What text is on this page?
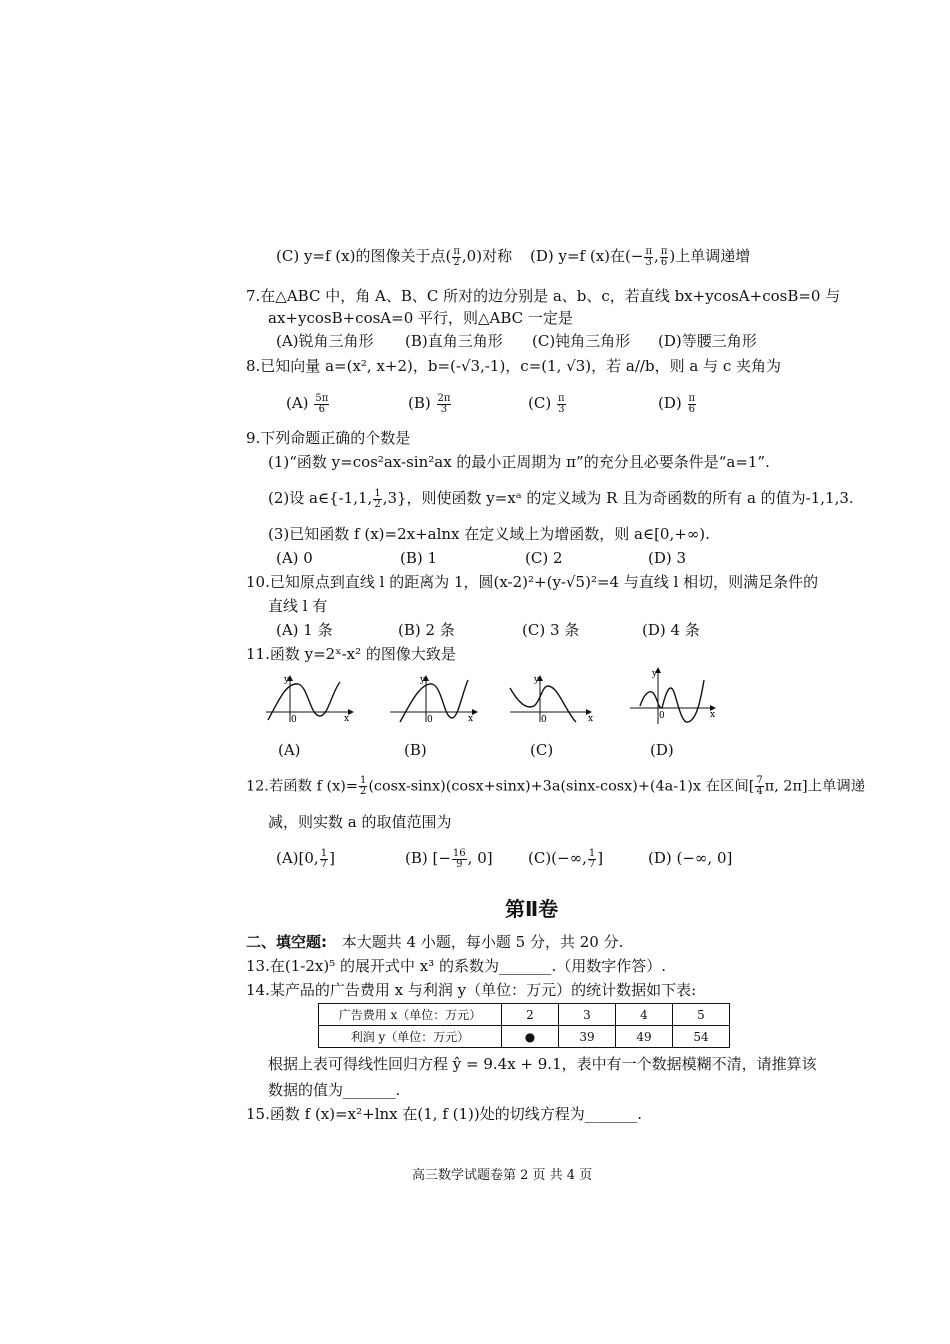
(C) y=f (x)的图像关于点( $\frac{\pi}{2} ,0$)对称 (D) y=f (x)在(− $\frac{\pi}{3}$ , $\frac{\pi}{6}$ )上单调递增
7.在△ABC 中，角 A、B、C 所对的边分别是 a、b、c，若直线 bx+ycosA+cosB=0 与
ax+ycosB+cosA=0 平行，则△ABC 一定是
(A)锐角三角形 (B)直角三角形 (C)钝角三角形 (D)等腰三角形
8.已知向量 a=(x², x+2)，b=(-√3,-1)，c=(1, √3)，若 a//b，则 a 与 c 夹角为
$(A) \frac{5\pi}{6}$	$(B) \frac{2\pi}{3}$	$(C) \frac{\pi}{3}$	$(D) \frac{\pi}{6}$
9.下列命题正确的个数是
(1)“函数 y=cos²ax-sin²ax 的最小正周期为 π”的充分且必要条件是“a=1”.
(2)设 a∈{-1,1, $\frac{1}{2} ,3$}，则使函数 y=xᵃ 的定义域为 R 且为奇函数的所有 a 的值为-1,1,3.
(3)已知函数 f (x)=2x+alnx 在定义域上为增函数，则 a∈[0,+∞).
(A) 0	(B) 1	(C) 2	(D) 3
10.已知原点到直线 l 的距离为 1，圆(x-2)²+(y-√5)²=4 与直线 l 相切，则满足条件的
直线 l 有
(A) 1 条	(B) 2 条	(C) 3 条	(D) 4 条
11.函数 y=2ˣ-x² 的图像大致是
y
0	x
y
0	x
y
0	x
y
0	x
(A)	(B)	(C)	(D)
12.若函数 f $(x)= \frac{1}{2} (\cos x-\sin x)(\cos x+\sin x)+3a(\sin x-\cos x)+(4a-1)x$ 在区间[ $\frac{7}{4} \pi$, 2π]上单调递
减，则实数 a 的取值范围为
(A)[0, $\frac{1}{7}$ ]	(B) [− $\frac{16}{9}$ , 0] (C)(−∞, $\frac{1}{7}$ ]	(D) (−∞, 0]
第Ⅱ卷
二、填空题: 本大题共 4 小题，每小题 5 分，共 20 分.
13.在(1-2x)⁵ 的展开式中 x³ 的系数为_______.（用数字作答）.
14.某产品的广告费用 x 与利润 y（单位：万元）的统计数据如下表:
广告费用 x（单位：万元）	2	3	4	5
利润 y（单位：万元）	●	39	49	54
根据上表可得线性回归方程 ŷ = 9.4x + 9.1，表中有一个数据模糊不清，请推算该
数据的值为_______.
15.函数 f (x)=x²+lnx 在(1, f (1))处的切线方程为_______.
高三数学试题卷第 2 页 共 4 页
